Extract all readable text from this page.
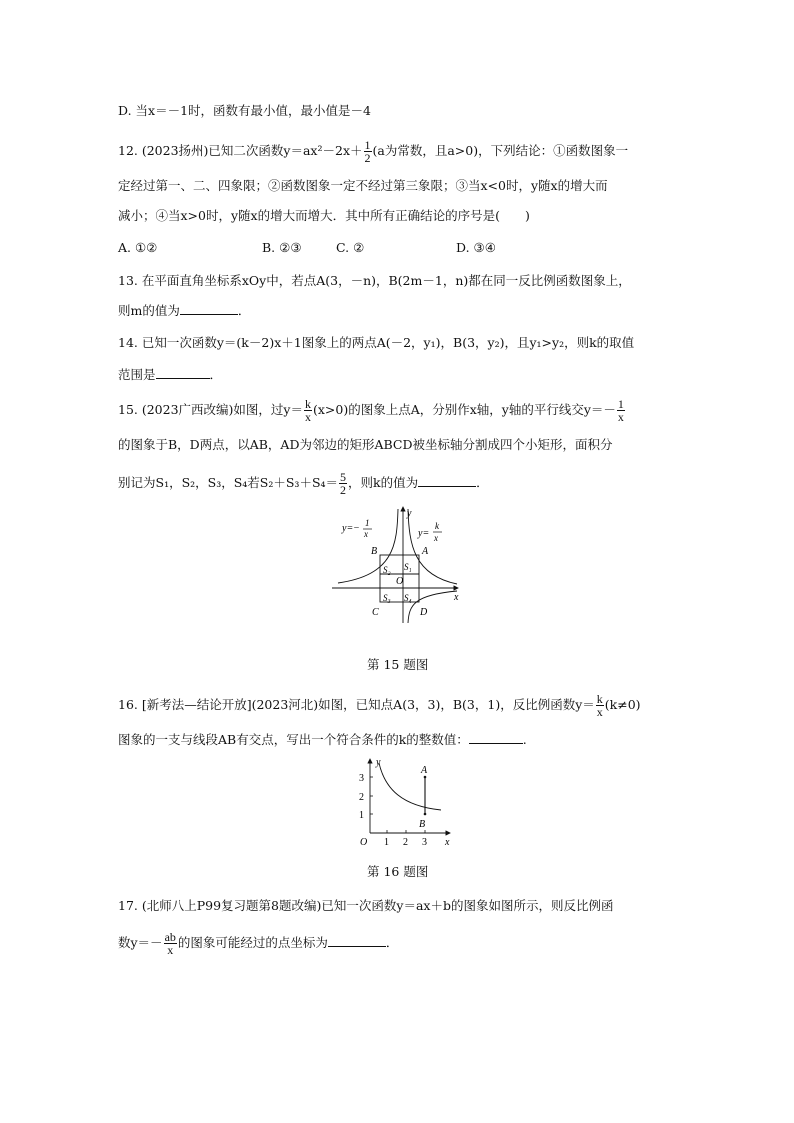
D. 当x＝－1时，函数有最小值，最小值是－4
12. (2023扬州)已知二次函数$y=ax^2-2x+ \frac{1}{2} (a$为常数，且a>0)，下列结论：①函数图象一
定经过第一、二、四象限；②函数图象一定不经过第三象限；③当x<0时，y随x的增大而
减小；④当x>0时，y随x的增大而增大．其中所有正确结论的序号是(　　)
A. ①②	B. ②③	C. ②	D. ③④
13. 在平面直角坐标系xOy中，若点A(3，－n)，B(2m－1，n)都在同一反比例函数图象上，
则m的值为	．
14. 已知一次函数y＝(k－2)x＋1图象上的两点A(－2，y₁)，B(3，y₂)，且y₁>y₂，则k的取值
范围是	．
15. (2023广西改编)如图，过$y= \frac{k}{x} (x>0)$的图象上点A，分别作x轴，y轴的平行线交$y=- \frac{1}{x}$
的图象于B，D两点，以AB，AD为邻边的矩形ABCD被坐标轴分割成四个小矩形，面积分
别记为S₁，S₂，S₃，S₄若$S_2+S_3+S_4= \frac{5}{2}$ ，则k的值为	．
y=− 1
x	y=
k
x
x
y
O
A
B
C	D
S₁
S₂
S₃ S₄
第 15 题图
16. [新考法—结论开放](2023河北)如图，已知点A(3，3)，B(3，1)，反比例函数$y= \frac{k}{x} (k\ne 0)$
图象的一支与线段AB有交点，写出一个符合条件的k的整数值：	.
A
B
x
y
O 1 2 3
1
2
3
第 16 题图
17. (北师八上P99复习题第8题改编)已知一次函数y＝ax＋b的图象如图所示，则反比例函
数$y=- \frac{ab}{x}$ 的图象可能经过的点坐标为	．
